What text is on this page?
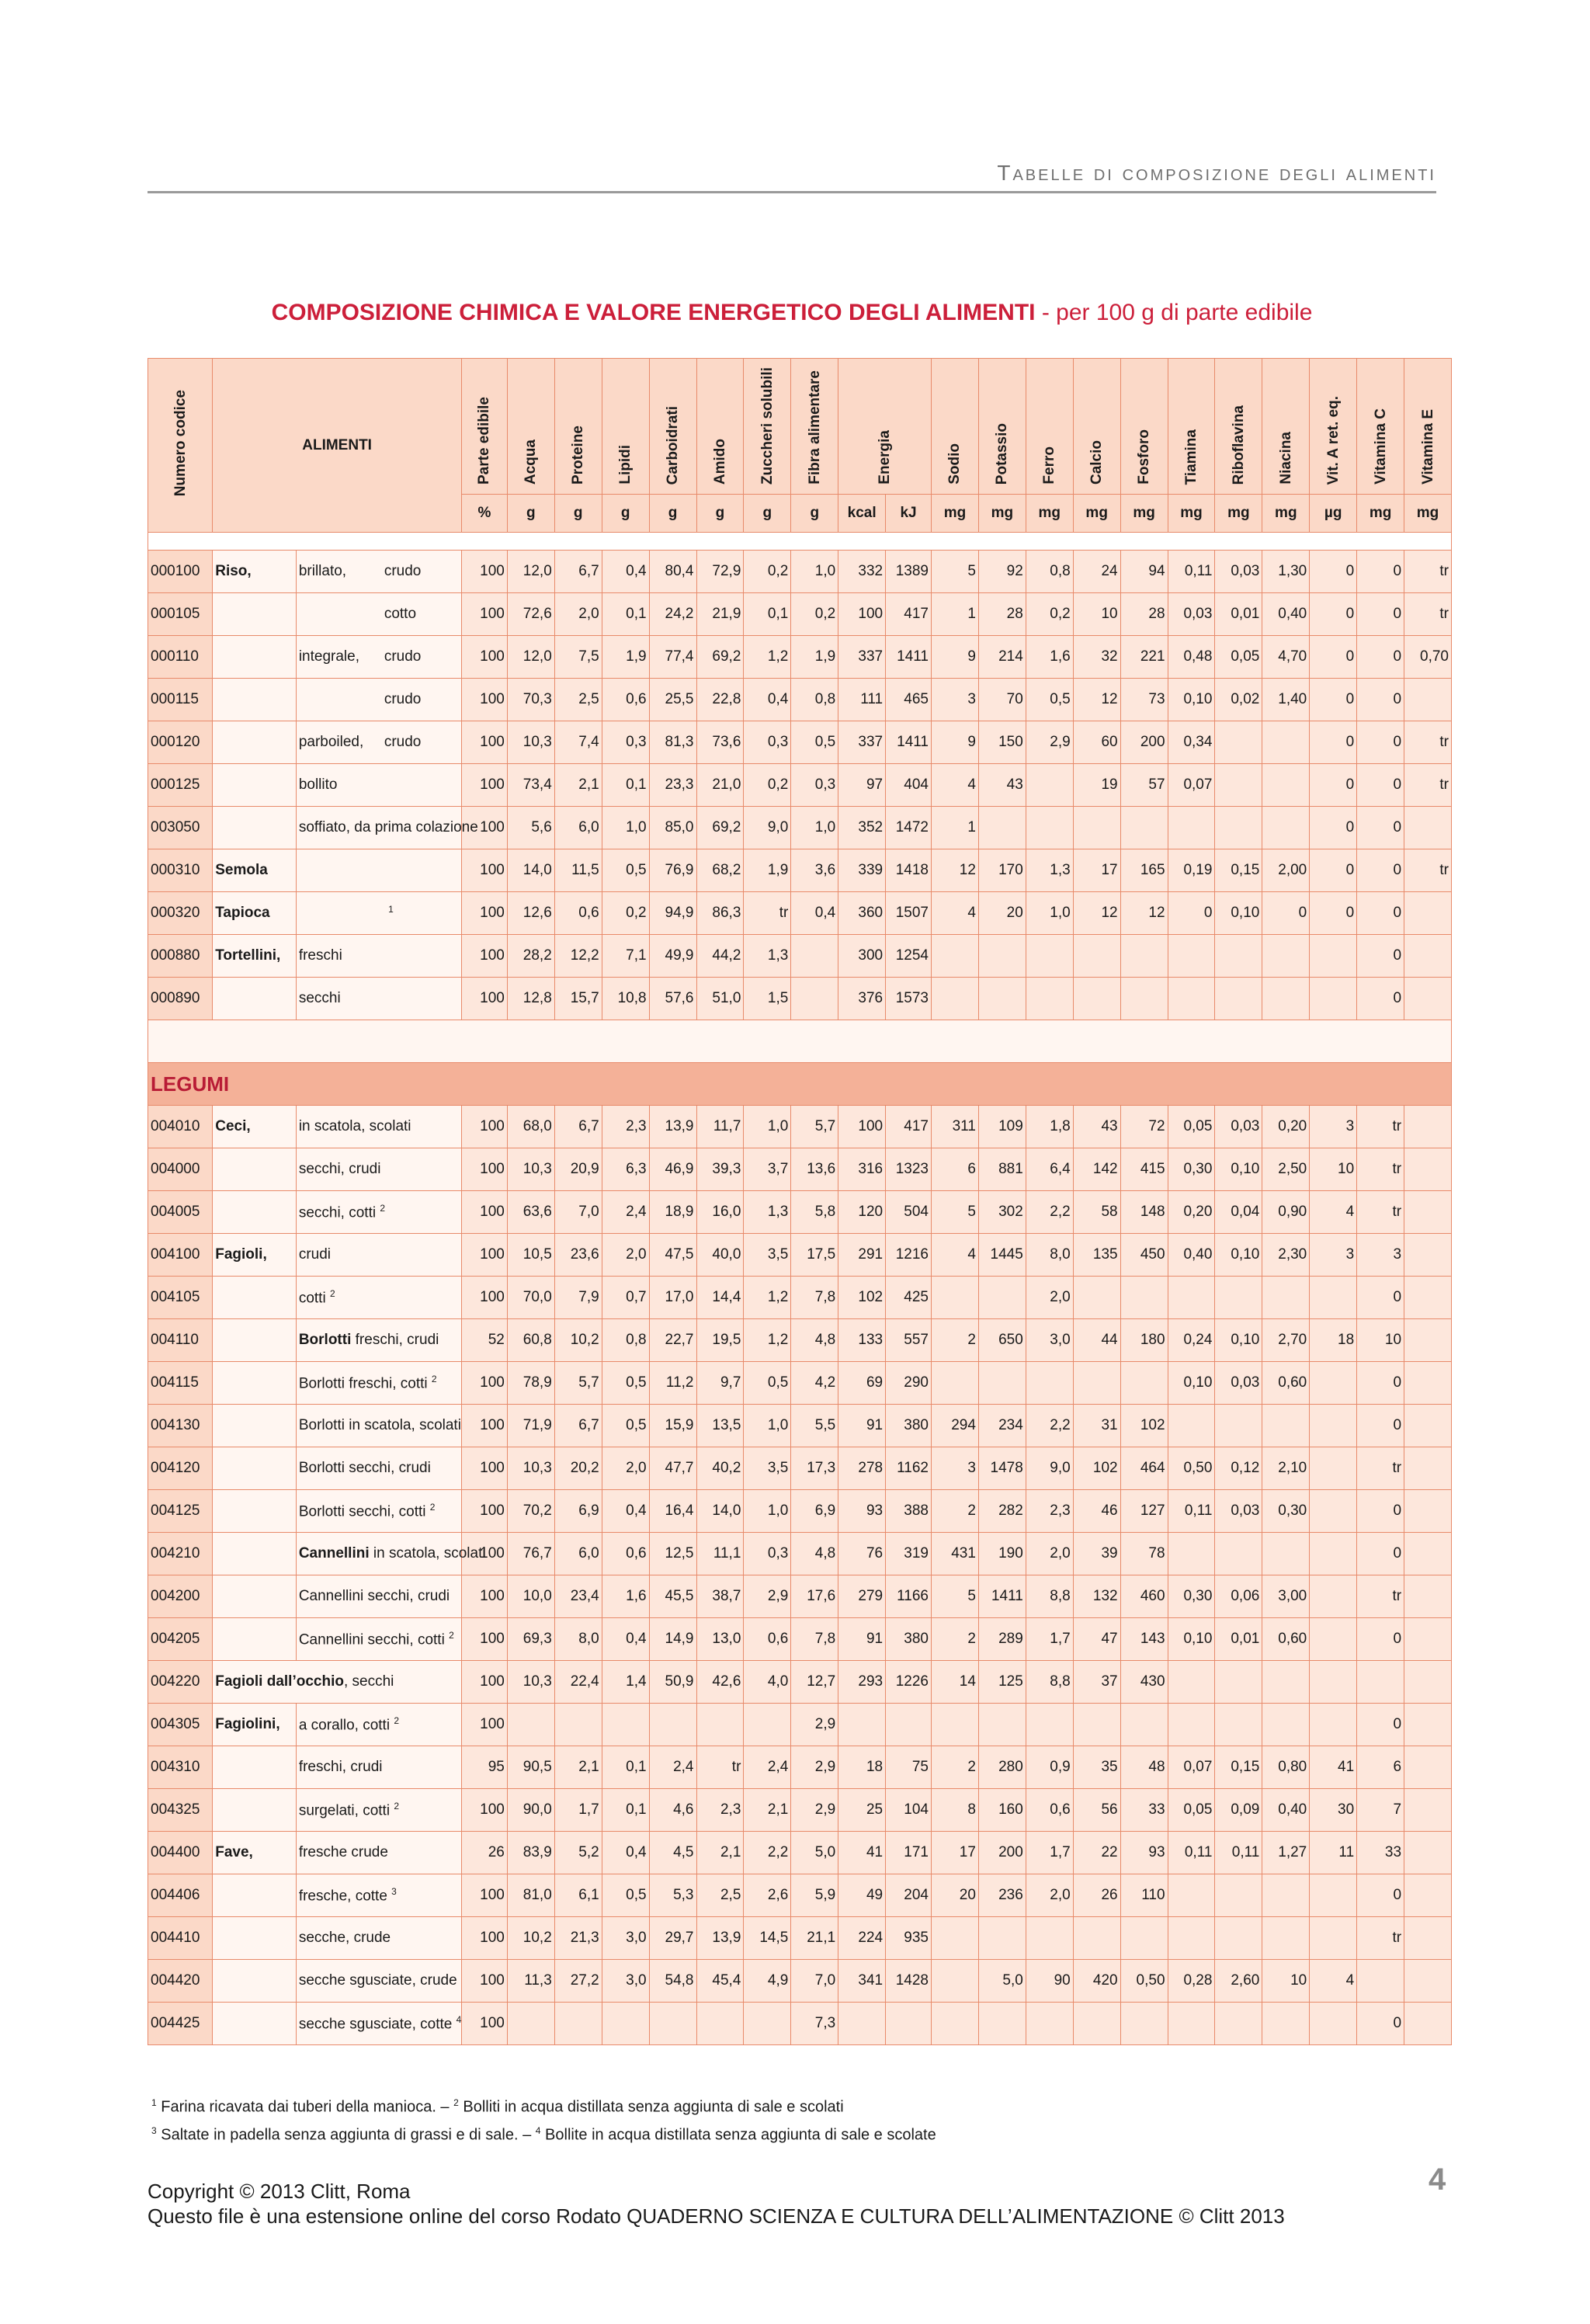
Tabelle di composizione degli alimenti
COMPOSIZIONE CHIMICA E VALORE ENERGETICO DEGLI ALIMENTI - per 100 g di parte edibile
Numero codice	ALIMENTI		Parte edibile	Acqua	Proteine	Lipidi	Carboidrati	Amido	Zuccheri solubili	Fibra alimentare	Energia		Sodio	Potassio	Ferro	Calcio	Fosforo	Tiamina	Riboflavina	Niacina	Vit. A ret. eq.	Vitamina C	Vitamina E
			%	g	g	g	g	g	g	g	kcal	kJ	mg	mg	mg	mg	mg	mg	mg	mg	µg	mg	mg

000100	Riso,	brillato, crudo	100	12,0	6,7	0,4	80,4	72,9	0,2	1,0	332	1389	5	92	0,8	24	94	0,11	0,03	1,30	0	0	tr
000105		cotto	100	72,6	2,0	0,1	24,2	21,9	0,1	0,2	100	417	1	28	0,2	10	28	0,03	0,01	0,40	0	0	tr
000110		integrale, crudo	100	12,0	7,5	1,9	77,4	69,2	1,2	1,9	337	1411	9	214	1,6	32	221	0,48	0,05	4,70	0	0	0,70
000115		crudo	100	70,3	2,5	0,6	25,5	22,8	0,4	0,8	111	465	3	70	0,5	12	73	0,10	0,02	1,40	0	0	
000120		parboiled, crudo	100	10,3	7,4	0,3	81,3	73,6	0,3	0,5	337	1411	9	150	2,9	60	200	0,34			0	0	tr
000125		bollito	100	73,4	2,1	0,1	23,3	21,0	0,2	0,3	97	404	4	43		19	57	0,07			0	0	tr
003050		soffiato, da prima colazione	100	5,6	6,0	1,0	85,0	69,2	9,0	1,0	352	1472	1								0	0	
000310	Semola		100	14,0	11,5	0,5	76,9	68,2	1,9	3,6	339	1418	12	170	1,3	17	165	0,19	0,15	2,00	0	0	tr
000320	Tapioca	$^1$	100	12,6	0,6	0,2	94,9	86,3	tr	0,4	360	1507	4	20	1,0	12	12	0	0,10	0	0	0	
000880	Tortellini,	freschi	100	28,2	12,2	7,1	49,9	44,2	1,3		300	1254										0	
000890		secchi	100	12,8	15,7	10,8	57,6	51,0	1,5		376	1573										0	

LEGUMI																							
004010	Ceci,	in scatola, scolati	100	68,0	6,7	2,3	13,9	11,7	1,0	5,7	100	417	311	109	1,8	43	72	0,05	0,03	0,20	3	tr	
004000		secchi, crudi	100	10,3	20,9	6,3	46,9	39,3	3,7	13,6	316	1323	6	881	6,4	142	415	0,30	0,10	2,50	10	tr	
004005		secchi, cotti $^2$	100	63,6	7,0	2,4	18,9	16,0	1,3	5,8	120	504	5	302	2,2	58	148	0,20	0,04	0,90	4	tr	
004100	Fagioli,	crudi	100	10,5	23,6	2,0	47,5	40,0	3,5	17,5	291	1216	4	1445	8,0	135	450	0,40	0,10	2,30	3	3	
004105		cotti $^2$	100	70,0	7,9	0,7	17,0	14,4	1,2	7,8	102	425			2,0							0	
004110		Borlotti freschi, crudi	52	60,8	10,2	0,8	22,7	19,5	1,2	4,8	133	557	2	650	3,0	44	180	0,24	0,10	2,70	18	10	
004115		Borlotti freschi, cotti $^2$	100	78,9	5,7	0,5	11,2	9,7	0,5	4,2	69	290						0,10	0,03	0,60		0	
004130		Borlotti in scatola, scolati	100	71,9	6,7	0,5	15,9	13,5	1,0	5,5	91	380	294	234	2,2	31	102					0	
004120		Borlotti secchi, crudi	100	10,3	20,2	2,0	47,7	40,2	3,5	17,3	278	1162	3	1478	9,0	102	464	0,50	0,12	2,10		tr	
004125		Borlotti secchi, cotti $^2$	100	70,2	6,9	0,4	16,4	14,0	1,0	6,9	93	388	2	282	2,3	46	127	0,11	0,03	0,30		0	
004210		Cannellini in scatola, scolati	100	76,7	6,0	0,6	12,5	11,1	0,3	4,8	76	319	431	190	2,0	39	78					0	
004200		Cannellini secchi, crudi	100	10,0	23,4	1,6	45,5	38,7	2,9	17,6	279	1166	5	1411	8,8	132	460	0,30	0,06	3,00		tr	
004205		Cannellini secchi, cotti $^2$	100	69,3	8,0	0,4	14,9	13,0	0,6	7,8	91	380	2	289	1,7	47	143	0,10	0,01	0,60		0	
004220	Fagioli dall’occhio, secchi		100	10,3	22,4	1,4	50,9	42,6	4,0	12,7	293	1226	14	125	8,8	37	430						
004305	Fagiolini,	a corallo, cotti $^2$	100							2,9												0	
004310		freschi, crudi	95	90,5	2,1	0,1	2,4	tr	2,4	2,9	18	75	2	280	0,9	35	48	0,07	0,15	0,80	41	6	
004325		surgelati, cotti $^2$	100	90,0	1,7	0,1	4,6	2,3	2,1	2,9	25	104	8	160	0,6	56	33	0,05	0,09	0,40	30	7	
004400	Fave,	fresche crude	26	83,9	5,2	0,4	4,5	2,1	2,2	5,0	41	171	17	200	1,7	22	93	0,11	0,11	1,27	11	33	
004406		fresche, cotte $^3$	100	81,0	6,1	0,5	5,3	2,5	2,6	5,9	49	204	20	236	2,0	26	110					0	
004410		secche, crude	100	10,2	21,3	3,0	29,7	13,9	14,5	21,1	224	935										tr	
004420		secche sgusciate, crude	100	11,3	27,2	3,0	54,8	45,4	4,9	7,0	341	1428		5,0	90	420	0,50	0,28	2,60	10	4		
004425		secche sgusciate, cotte $^4$	100							7,3												0	
$^1$ Farina ricavata dai tuberi della manioca. – $^2$ Bolliti in acqua distillata senza aggiunta di sale e scolati
$^3$ Saltate in padella senza aggiunta di grassi e di sale. – $^4$ Bollite in acqua distillata senza aggiunta di sale e scolate
Copyright © 2013 Clitt, Roma
Questo file è una estensione online del corso Rodato QUADERNO SCIENZA E CULTURA DELL’ALIMENTAZIONE © Clitt 2013
4
